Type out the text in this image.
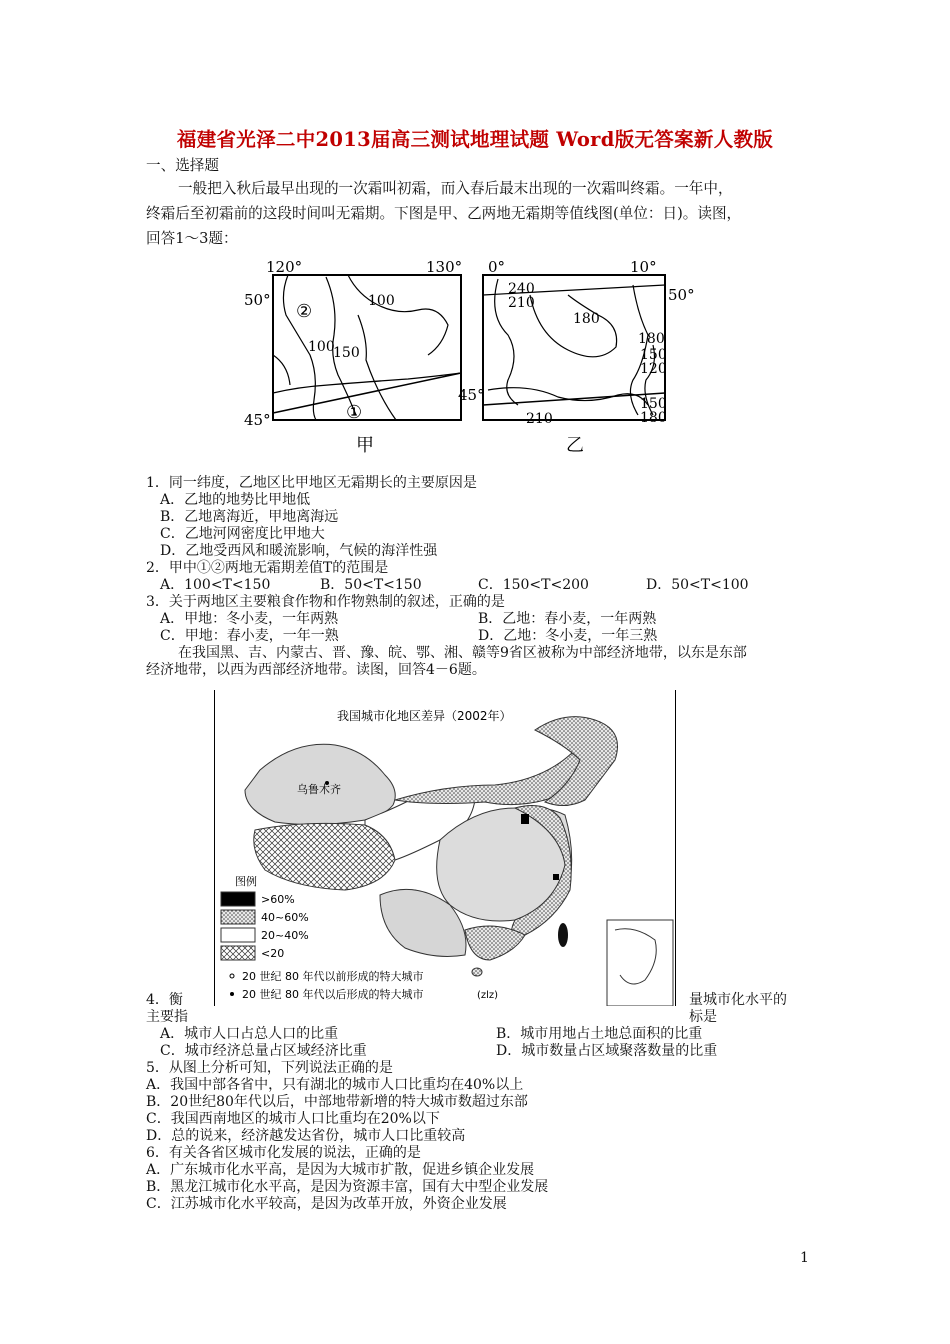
福建省光泽二中2013届高三测试地理试题 Word版无答案新人教版
一、选择题
一般把入秋后最早出现的一次霜叫初霜，而入春后最末出现的一次霜叫终霜。一年中，
终霜后至初霜前的这段时间叫无霜期。下图是甲、乙两地无霜期等值线图(单位：日)。读图，
回答1～3题：
120°	130°
50°
45°
100
100
150
②
①
甲
0°	10°
50°
45°
240
210
180
180
150
120
210
150
180
乙
1．同一纬度，乙地区比甲地区无霜期长的主要原因是
A．乙地的地势比甲地低
B．乙地离海近，甲地离海远
C．乙地河网密度比甲地大
D．乙地受西风和暖流影响，气候的海洋性强
2．甲中①②两地无霜期差值T的范围是
A．100<T<150	B．50<T<150	C．150<T<200	D．50<T<100
3．关于两地区主要粮食作物和作物熟制的叙述，正确的是
A．甲地：冬小麦，一年两熟	B．乙地：春小麦，一年两熟
C．甲地：春小麦，一年一熟	D．乙地：冬小麦，一年三熟
在我国黑、吉、内蒙古、晋、豫、皖、鄂、湘、赣等9省区被称为中部经济地带，以东是东部
经济地带，以西为西部经济地带。读图，回答4－6题。
我国城市化地区差异（2002年）
乌鲁木齐
图例
>60%
40~60%
20~40%
<20
20 世纪 80 年代以前形成的特大城市
20 世纪 80 年代以后形成的特大城市	(zlz)
4．衡	量城市化水平的
主要指	标是
A．城市人口占总人口的比重	B．城市用地占土地总面积的比重
C．城市经济总量占区域经济比重	D．城市数量占区域聚落数量的比重
5．从图上分析可知，下列说法正确的是
A．我国中部各省中，只有湖北的城市人口比重均在40%以上
B．20世纪80年代以后，中部地带新增的特大城市数超过东部
C．我国西南地区的城市人口比重均在20%以下
D．总的说来，经济越发达省份，城市人口比重较高
6．有关各省区城市化发展的说法，正确的是
A．广东城市化水平高，是因为大城市扩散，促进乡镇企业发展
B．黑龙江城市化水平高，是因为资源丰富，国有大中型企业发展
C．江苏城市化水平较高，是因为改革开放，外资企业发展
1
